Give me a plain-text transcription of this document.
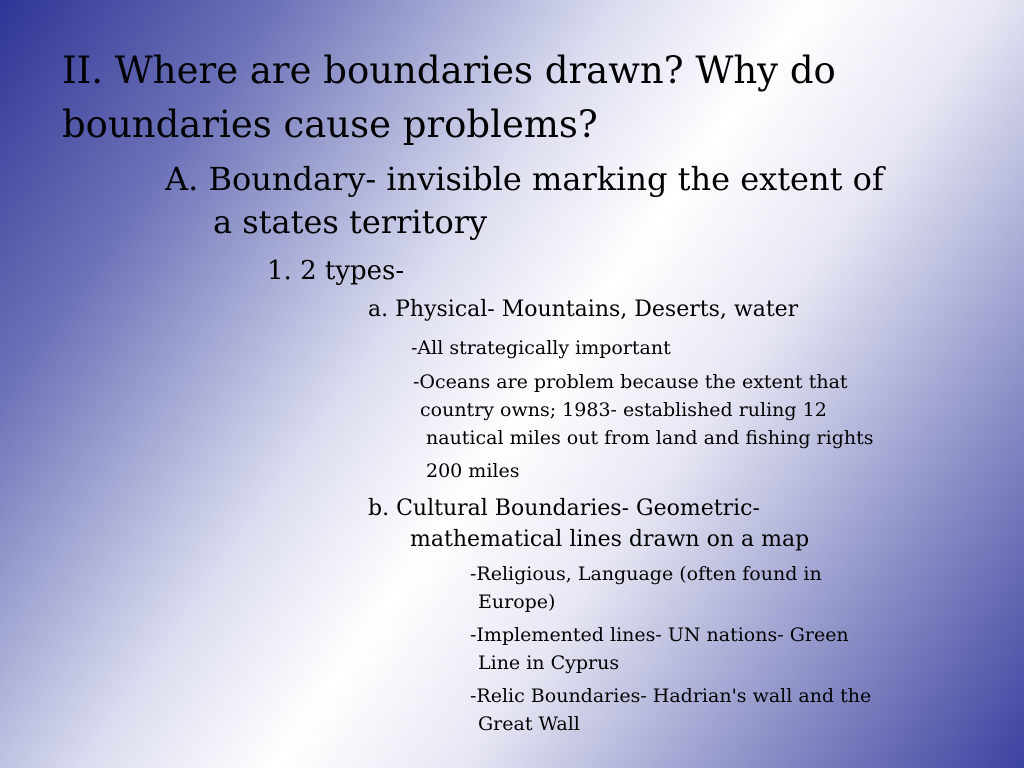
II. Where are boundaries drawn? Why do
boundaries cause problems?
A. Boundary- invisible marking the extent of
a states territory
1. 2 types-
a. Physical- Mountains, Deserts, water
-All strategically important
-Oceans are problem because the extent that
country owns; 1983- established ruling 12
nautical miles out from land and fishing rights
200 miles
b. Cultural Boundaries- Geometric-
mathematical lines drawn on a map
-Religious, Language (often found in
Europe)
-Implemented lines- UN nations- Green
Line in Cyprus
-Relic Boundaries- Hadrian's wall and the
Great Wall
